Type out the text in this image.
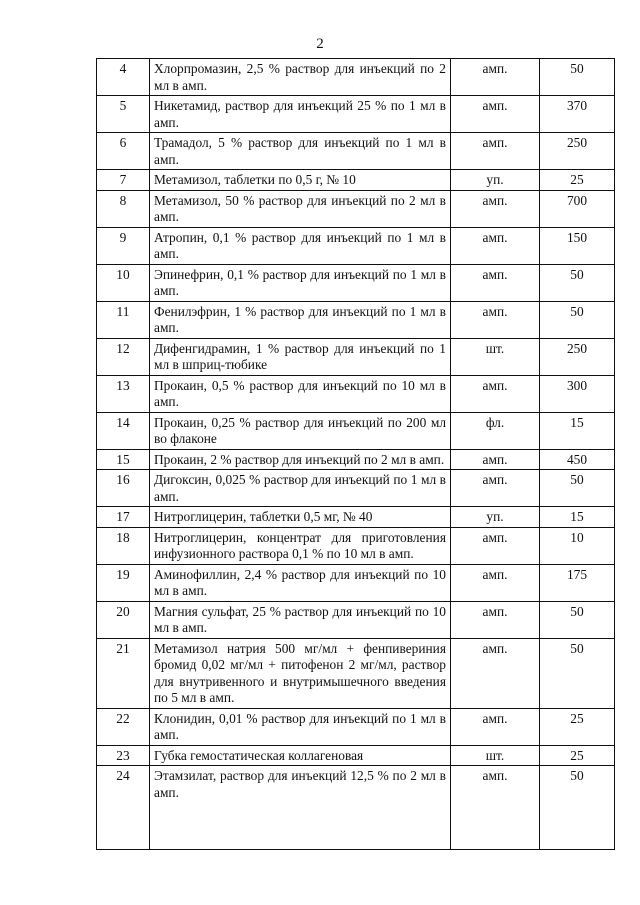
2
4	Хлорпромазин, 2,5 % раствор для инъекций по 2 мл в амп.	амп.	50
5	Никетамид, раствор для инъекций 25 % по 1 мл в амп.	амп.	370
6	Трамадол, 5 % раствор для инъекций по 1 мл в амп.	амп.	250
7	Метамизол, таблетки по 0,5 г, № 10	уп.	25
8	Метамизол, 50 % раствор для инъекций по 2 мл в амп.	амп.	700
9	Атропин, 0,1 % раствор для инъекций по 1 мл в амп.	амп.	150
10	Эпинефрин, 0,1 % раствор для инъекций по 1 мл в амп.	амп.	50
11	Фенилэфрин, 1 % раствор для инъекций по 1 мл в амп.	амп.	50
12	Дифенгидрамин, 1 % раствор для инъекций по 1 мл в шприц-тюбике	шт.	250
13	Прокаин, 0,5 % раствор для инъекций по 10 мл в амп.	амп.	300
14	Прокаин, 0,25 % раствор для инъекций по 200 мл во флаконе	фл.	15
15	Прокаин, 2 % раствор для инъекций по 2 мл в амп.	амп.	450
16	Дигоксин, 0,025 % раствор для инъекций по 1 мл в амп.	амп.	50
17	Нитроглицерин, таблетки 0,5 мг, № 40	уп.	15
18	Нитроглицерин, концентрат для приготовления инфузионного раствора 0,1 % по 10 мл в амп.	амп.	10
19	Аминофиллин, 2,4 % раствор для инъекций по 10 мл в амп.	амп.	175
20	Магния сульфат, 25 % раствор для инъекций по 10 мл в амп.	амп.	50
21	Метамизол натрия 500 мг/мл + фенпивериния бромид 0,02 мг/мл + питофенон 2 мг/мл, раствор для внутривенного и внутримышечного введения по 5 мл в амп.	амп.	50
22	Клонидин, 0,01 % раствор для инъекций по 1 мл в амп.	амп.	25
23	Губка гемостатическая коллагеновая	шт.	25
24	Этамзилат, раствор для инъекций 12,5 % по 2 мл в амп.	амп.	50
